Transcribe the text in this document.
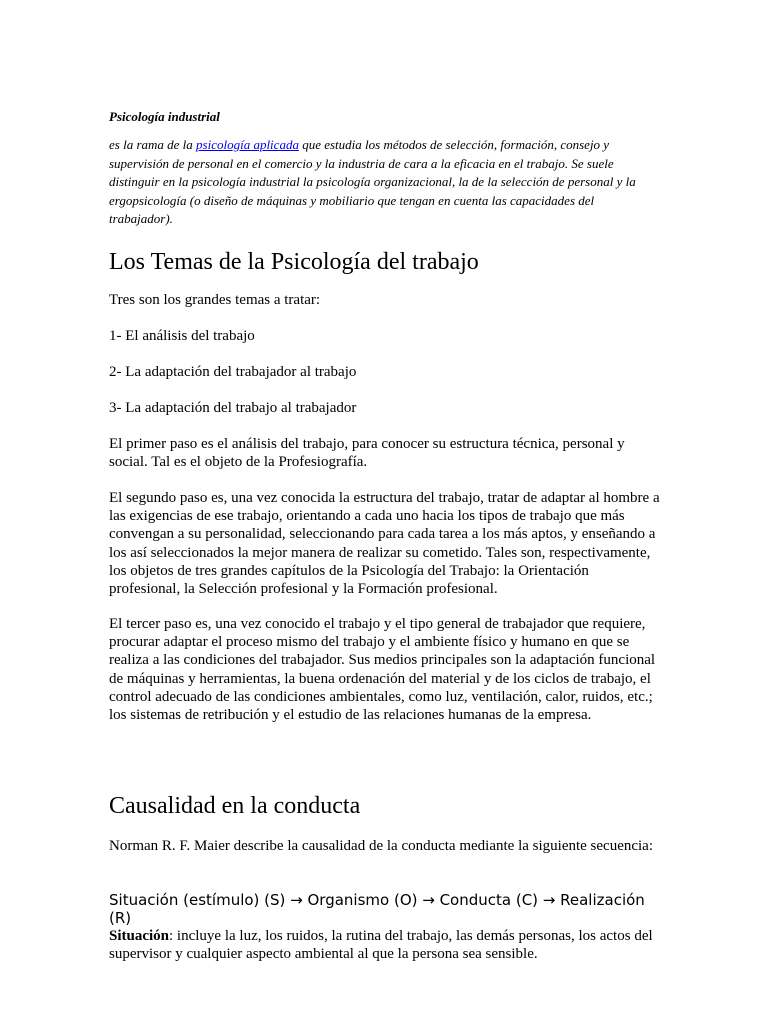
Psicología industrial

es la rama de la psicología aplicada que estudia los métodos de selección, formación, consejo y supervisión de personal en el comercio y la industria de cara a la eficacia en el trabajo. Se suele distinguir en la psicología industrial la psicología organizacional, la de la selección de personal y la ergopsicología (o diseño de máquinas y mobiliario que tengan en cuenta las capacidades del trabajador).

Los Temas de la Psicología del trabajo

Tres son los grandes temas a tratar:

1- El análisis del trabajo

2- La adaptación del trabajador al trabajo

3- La adaptación del trabajo al trabajador

El primer paso es el análisis del trabajo, para conocer su estructura técnica, personal y social. Tal es el objeto de la Profesiografía.

El segundo paso es, una vez conocida la estructura del trabajo, tratar de adaptar al hombre a las exigencias de ese trabajo, orientando a cada uno hacia los tipos de trabajo que más convengan a su personalidad, seleccionando para cada tarea a los más aptos, y enseñando a los así seleccionados la mejor manera de realizar su cometido. Tales son, respectivamente, los objetos de tres grandes capítulos de la Psicología del Trabajo: la Orientación profesional, la Selección profesional y la Formación profesional.

El tercer paso es, una vez conocido el trabajo y el tipo general de trabajador que requiere, procurar adaptar el proceso mismo del trabajo y el ambiente físico y humano en que se realiza a las condiciones del trabajador. Sus medios principales son la adaptación funcional de máquinas y herramientas, la buena ordenación del material y de los ciclos de trabajo, el control adecuado de las condiciones ambientales, como luz, ventilación, calor, ruidos, etc.; los sistemas de retribución y el estudio de las relaciones humanas de la empresa.

Causalidad en la conducta

Norman R. F. Maier describe la causalidad de la conducta mediante la siguiente secuencia:

Situación (estímulo) (S) → Organismo (O) → Conducta (C) → Realización (R)

Situación: incluye la luz, los ruidos, la rutina del trabajo, las demás personas, los actos del supervisor y cualquier aspecto ambiental al que la persona sea sensible.
